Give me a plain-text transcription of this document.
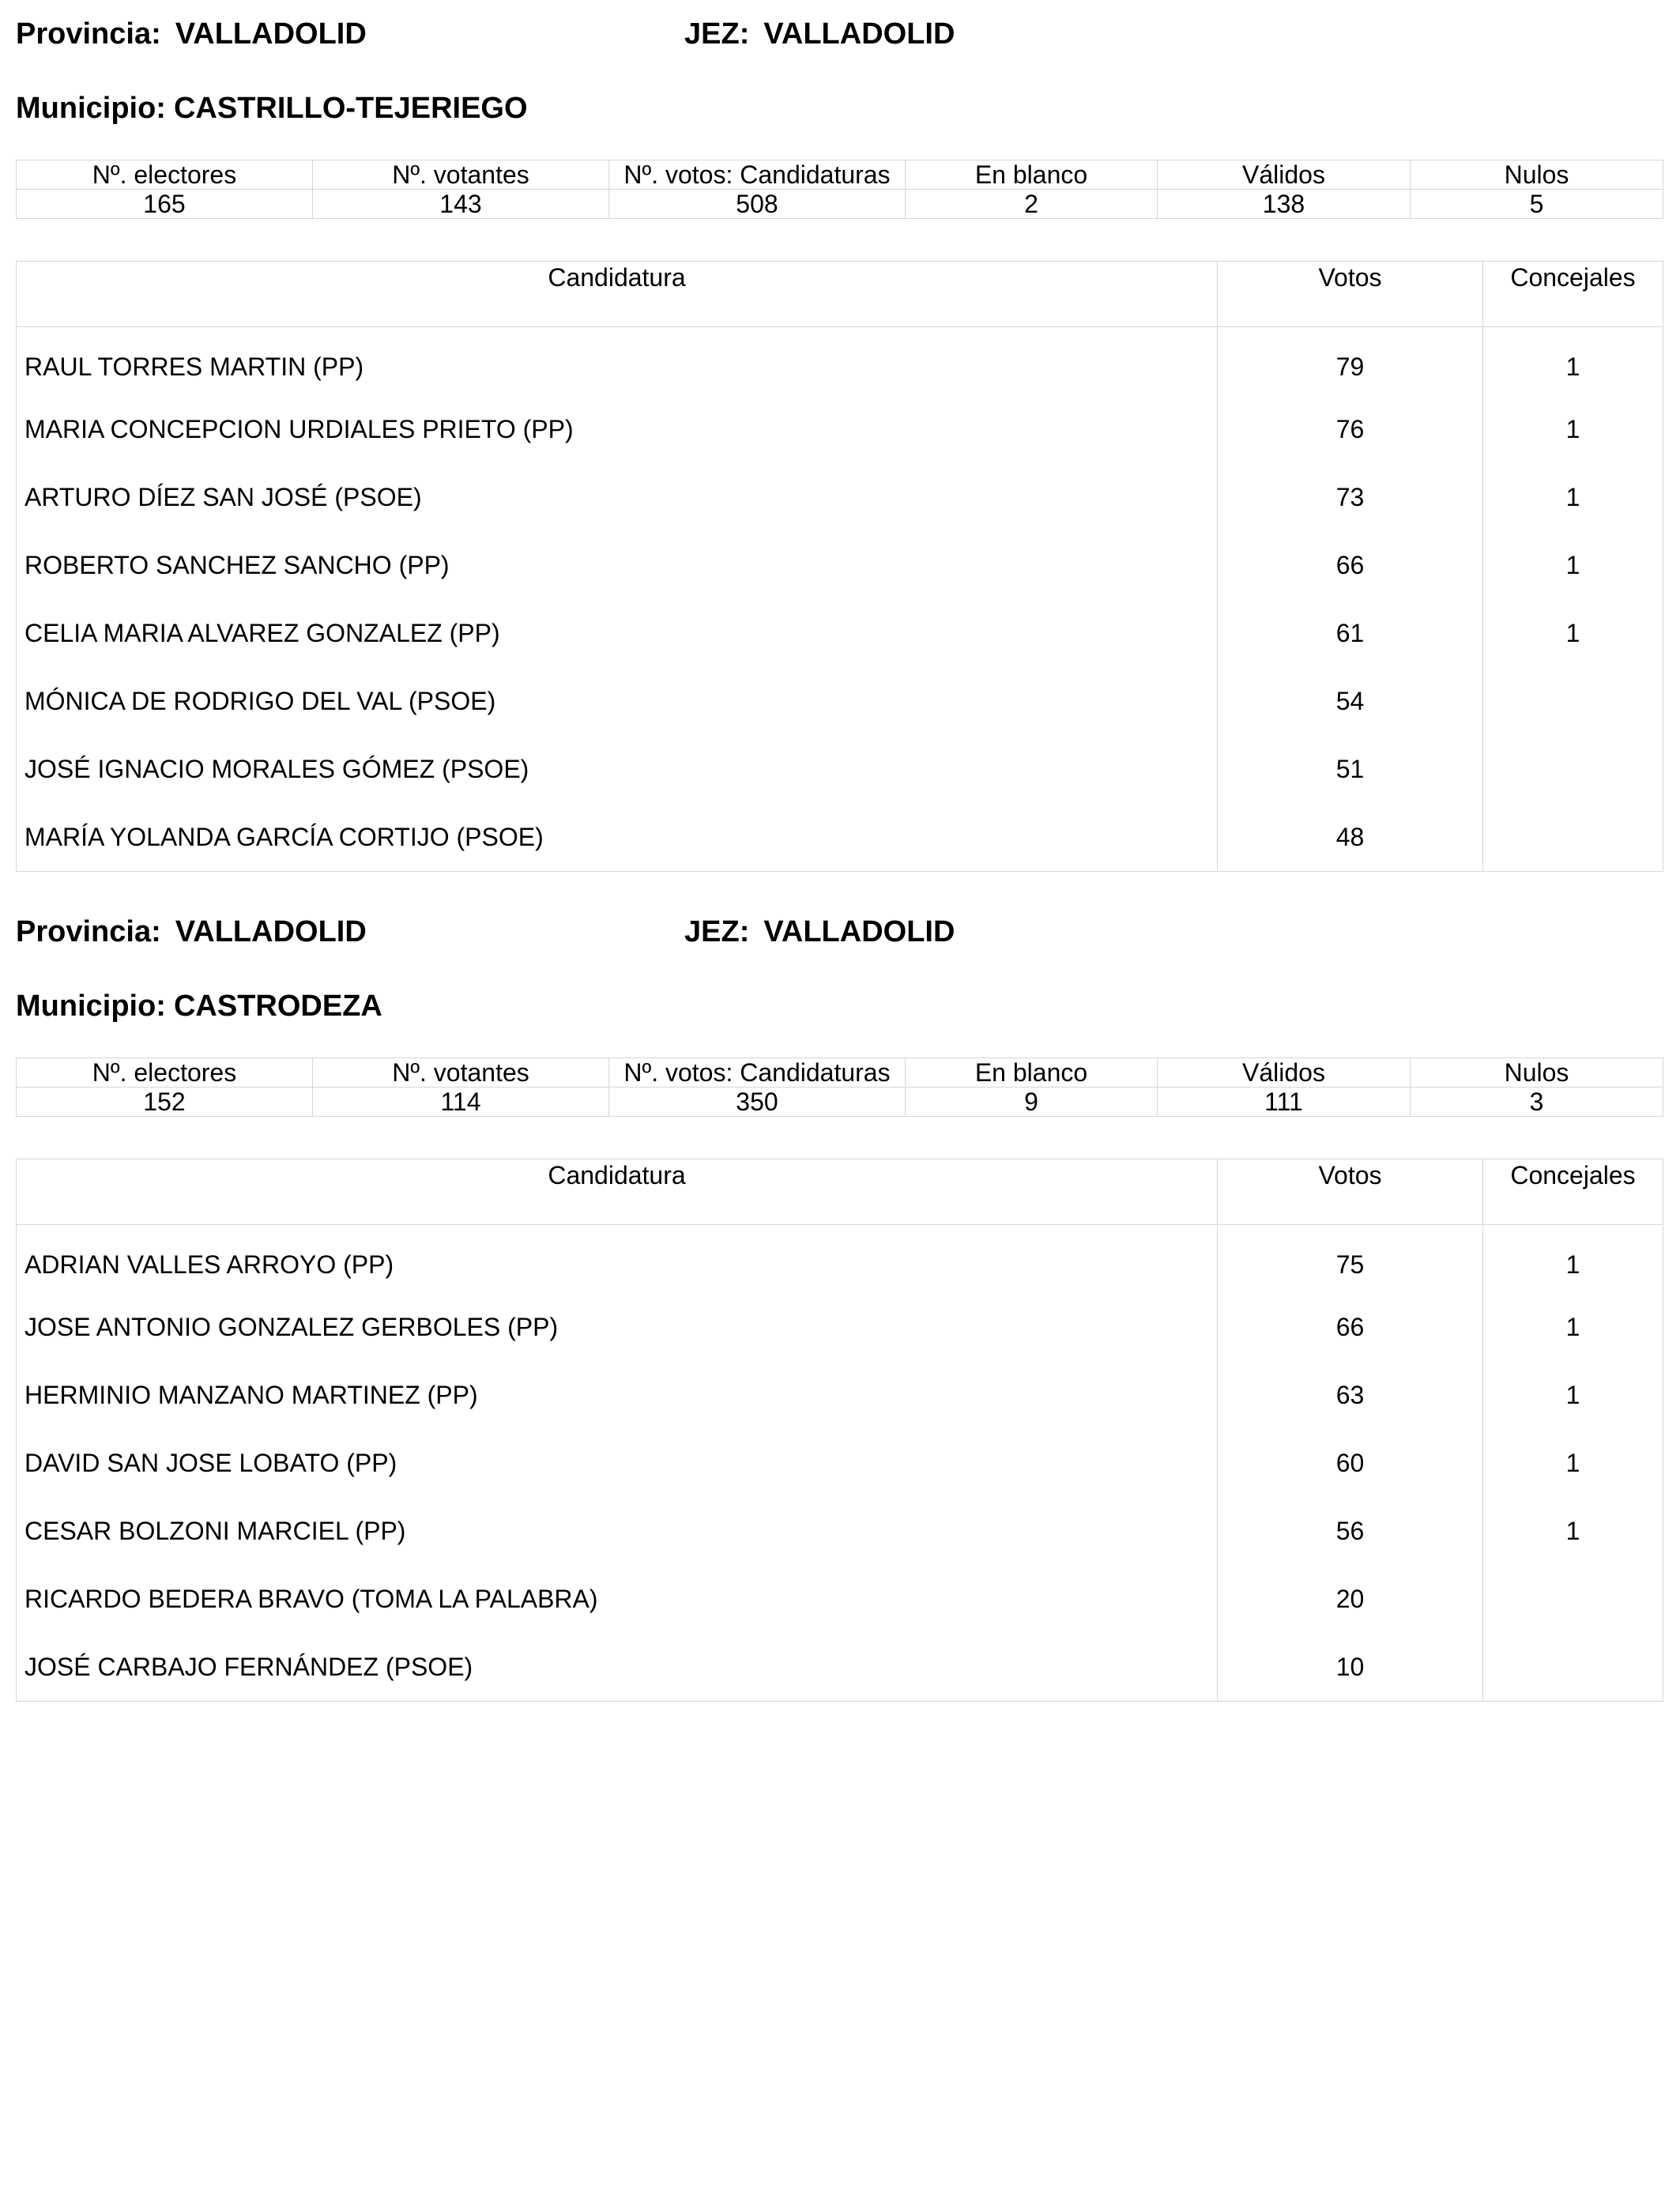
Provincia: VALLADOLID	JEZ: VALLADOLID
Municipio: CASTRILLO-TEJERIEGO
Nº. electores	Nº. votantes	Nº. votos: Candidaturas	En blanco	Válidos	Nulos
165	143	508	2	138	5
Candidatura	Votos	Concejales
RAUL TORRES MARTIN (PP)	79	1
MARIA CONCEPCION URDIALES PRIETO (PP)	76	1
ARTURO DÍEZ SAN JOSÉ (PSOE)	73	1
ROBERTO SANCHEZ SANCHO (PP)	66	1
CELIA MARIA ALVAREZ GONZALEZ (PP)	61	1
MÓNICA DE RODRIGO DEL VAL (PSOE)	54	
JOSÉ IGNACIO MORALES GÓMEZ (PSOE)	51	
MARÍA YOLANDA GARCÍA CORTIJO (PSOE)	48	
Provincia: VALLADOLID	JEZ: VALLADOLID
Municipio: CASTRODEZA
Nº. electores	Nº. votantes	Nº. votos: Candidaturas	En blanco	Válidos	Nulos
152	114	350	9	111	3
Candidatura	Votos	Concejales
ADRIAN VALLES ARROYO (PP)	75	1
JOSE ANTONIO GONZALEZ GERBOLES (PP)	66	1
HERMINIO MANZANO MARTINEZ (PP)	63	1
DAVID SAN JOSE LOBATO (PP)	60	1
CESAR BOLZONI MARCIEL (PP)	56	1
RICARDO BEDERA BRAVO (TOMA LA PALABRA)	20	
JOSÉ CARBAJO FERNÁNDEZ (PSOE)	10	
